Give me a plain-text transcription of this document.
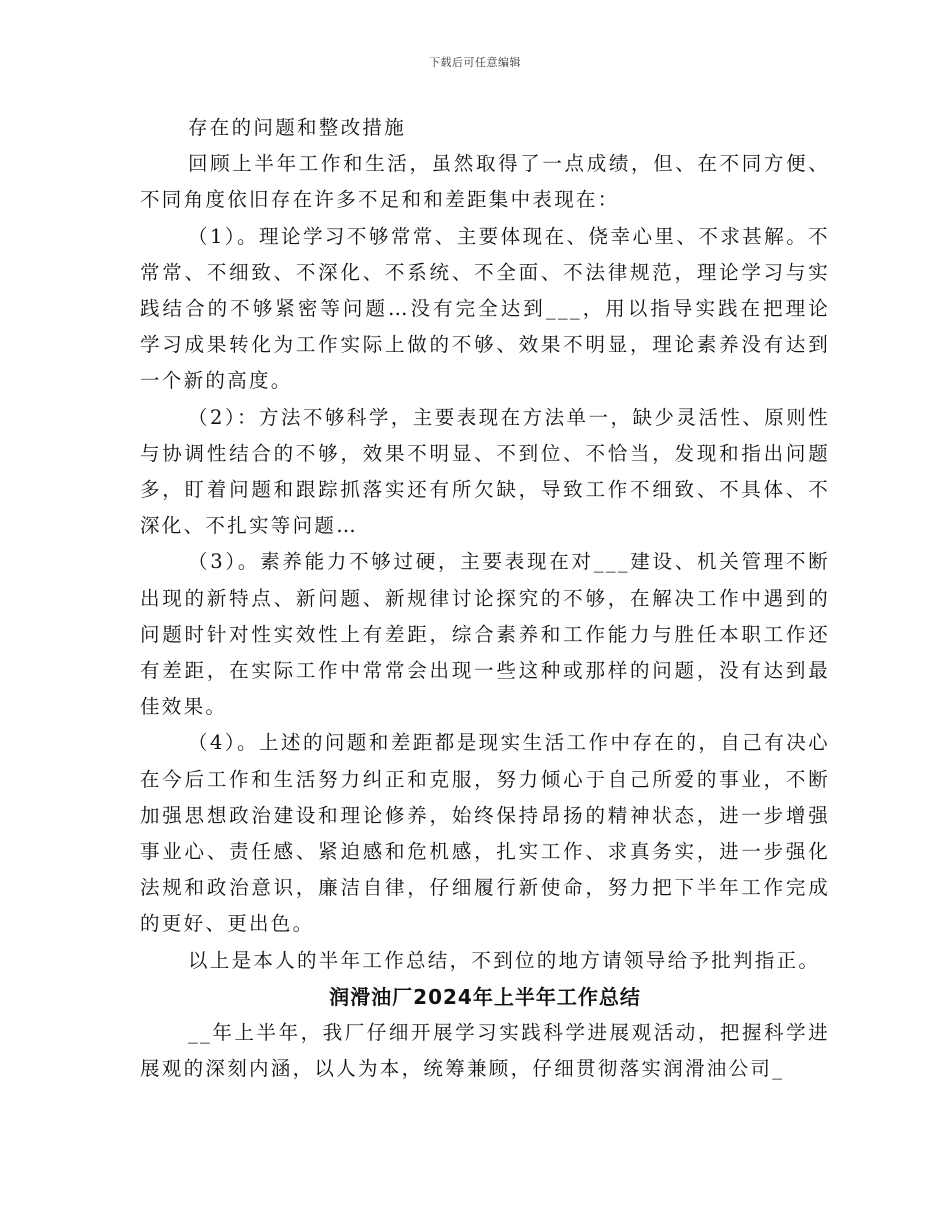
下载后可任意编辑

存在的问题和整改措施

回顾上半年工作和生活，虽然取得了一点成绩，但、在不同方便、不同角度依旧存在许多不足和和差距集中表现在：

（1）。理论学习不够常常、主要体现在、侥幸心里、不求甚解。不常常、不细致、不深化、不系统、不全面、不法律规范，理论学习与实践结合的不够紧密等问题…没有完全达到___，用以指导实践在把理论学习成果转化为工作实际上做的不够、效果不明显，理论素养没有达到一个新的高度。

（2）：方法不够科学，主要表现在方法单一，缺少灵活性、原则性与协调性结合的不够，效果不明显、不到位、不恰当，发现和指出问题多，盯着问题和跟踪抓落实还有所欠缺，导致工作不细致、不具体、不深化、不扎实等问题…

（3）。素养能力不够过硬，主要表现在对___建设、机关管理不断出现的新特点、新问题、新规律讨论探究的不够，在解决工作中遇到的问题时针对性实效性上有差距，综合素养和工作能力与胜任本职工作还有差距，在实际工作中常常会出现一些这种或那样的问题，没有达到最佳效果。

（4）。上述的问题和差距都是现实生活工作中存在的，自己有决心在今后工作和生活努力纠正和克服，努力倾心于自己所爱的事业，不断加强思想政治建设和理论修养，始终保持昂扬的精神状态，进一步增强事业心、责任感、紧迫感和危机感，扎实工作、求真务实，进一步强化法规和政治意识，廉洁自律，仔细履行新使命，努力把下半年工作完成的更好、更出色。

以上是本人的半年工作总结，不到位的地方请领导给予批判指正。

润滑油厂2024年上半年工作总结

__年上半年，我厂仔细开展学习实践科学进展观活动，把握科学进展观的深刻内涵，以人为本，统筹兼顾，仔细贯彻落实润滑油公司_
